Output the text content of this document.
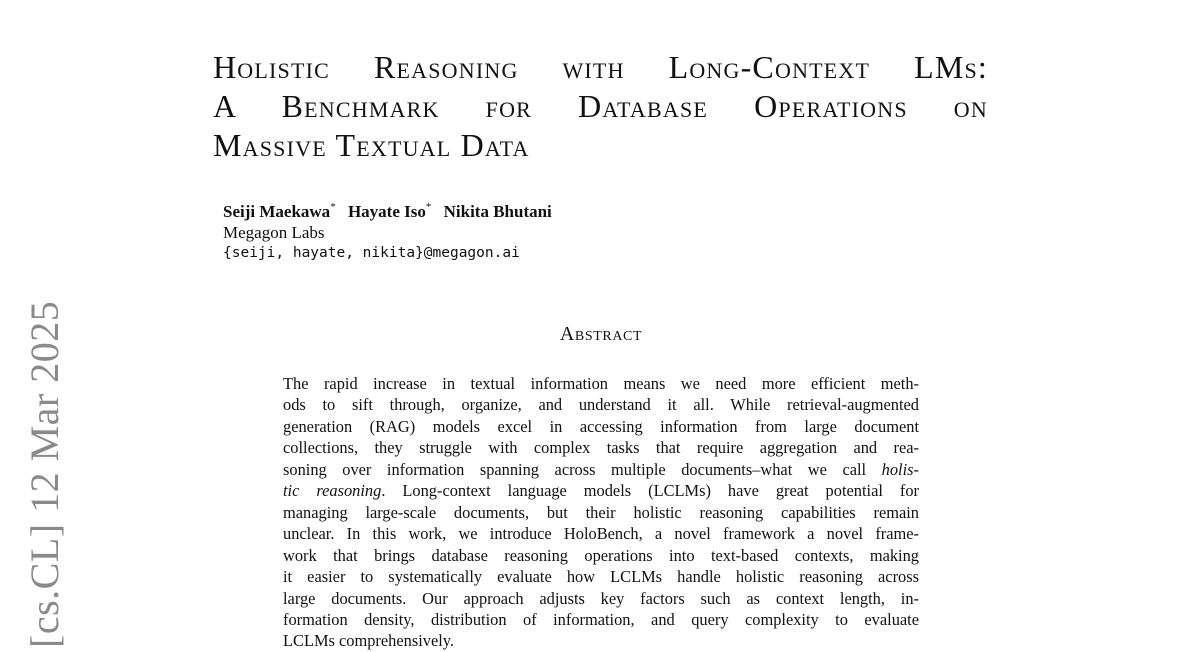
[cs.CL] 12 Mar 2025
Holistic Reasoning with Long-Context LMs:
A Benchmark for Database Operations on
Massive Textual Data
Seiji Maekawa* Hayate Iso* Nikita Bhutani
Megagon Labs
{seiji, hayate, nikita}@megagon.ai
Abstract
The rapid increase in textual information means we need more efficient meth-
ods to sift through, organize, and understand it all. While retrieval-augmented
generation (RAG) models excel in accessing information from large document
collections, they struggle with complex tasks that require aggregation and rea-
soning over information spanning across multiple documents–what we call holis-
tic reasoning. Long-context language models (LCLMs) have great potential for
managing large-scale documents, but their holistic reasoning capabilities remain
unclear. In this work, we introduce HoloBench, a novel framework a novel frame-
work that brings database reasoning operations into text-based contexts, making
it easier to systematically evaluate how LCLMs handle holistic reasoning across
large documents. Our approach adjusts key factors such as context length, in-
formation density, distribution of information, and query complexity to evaluate
LCLMs comprehensively.
